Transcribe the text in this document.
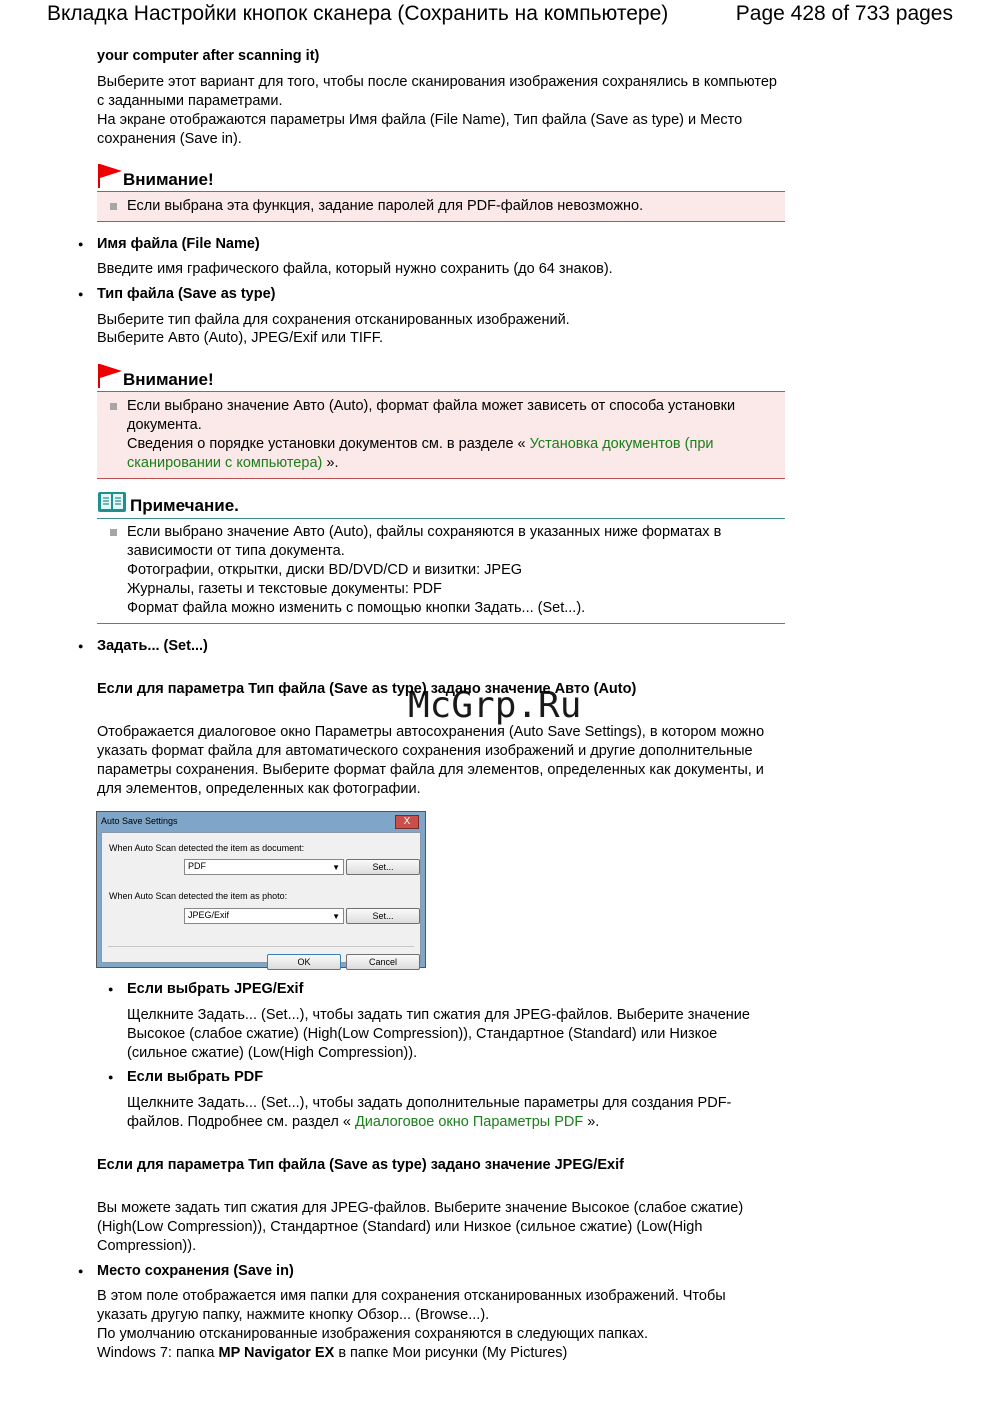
Вкладка Настройки кнопок сканера (Сохранить на компьютере)	Page 428 of 733 pages
your computer after scanning it)
Выберите этот вариант для того, чтобы после сканирования изображения сохранялись в компьютер с заданными параметрами.
На экране отображаются параметры Имя файла (File Name), Тип файла (Save as type) и Место сохранения (Save in).
Внимание!
Если выбрана эта функция, задание паролей для PDF-файлов невозможно.
● Имя файла (File Name)
Введите имя графического файла, который нужно сохранить (до 64 знаков).
● Тип файла (Save as type)
Выберите тип файла для сохранения отсканированных изображений.
Выберите Авто (Auto), JPEG/Exif или TIFF.
Внимание!
Если выбрано значение Авто (Auto), формат файла может зависеть от способа установки документа.
Сведения о порядке установки документов см. в разделе « Установка документов (при сканировании с компьютера) ».
Примечание.
Если выбрано значение Авто (Auto), файлы сохраняются в указанных ниже форматах в зависимости от типа документа.
Фотографии, открытки, диски BD/DVD/CD и визитки: JPEG
Журналы, газеты и текстовые документы: PDF
Формат файла можно изменить с помощью кнопки Задать... (Set...).
● Задать... (Set...)
Если для параметра Тип файла (Save as type) задано значение Авто (Auto)
McGrp.Ru
Отображается диалоговое окно Параметры автосохранения (Auto Save Settings), в котором можно указать формат файла для автоматического сохранения изображений и другие дополнительные параметры сохранения. Выберите формат файла для элементов, определенных как документы, и для элементов, определенных как фотографии.
Auto Save Settings	X
When Auto Scan detected the item as document:
PDF	▼	Set...
When Auto Scan detected the item as photo:
JPEG/Exif	▼	Set...
OK	Cancel
● Если выбрать JPEG/Exif
Щелкните Задать... (Set...), чтобы задать тип сжатия для JPEG-файлов. Выберите значение Высокое (слабое сжатие) (High(Low Compression)), Стандартное (Standard) или Низкое (сильное сжатие) (Low(High Compression)).
● Если выбрать PDF
Щелкните Задать... (Set...), чтобы задать дополнительные параметры для создания PDF-файлов. Подробнее см. раздел « Диалоговое окно Параметры PDF ».
Если для параметра Тип файла (Save as type) задано значение JPEG/Exif
Вы можете задать тип сжатия для JPEG-файлов. Выберите значение Высокое (слабое сжатие) (High(Low Compression)), Стандартное (Standard) или Низкое (сильное сжатие) (Low(High Compression)).
● Место сохранения (Save in)
В этом поле отображается имя папки для сохранения отсканированных изображений. Чтобы указать другую папку, нажмите кнопку Обзор... (Browse...).
По умолчанию отсканированные изображения сохраняются в следующих папках.
Windows 7: папка MP Navigator EX в папке Мои рисунки (My Pictures)
